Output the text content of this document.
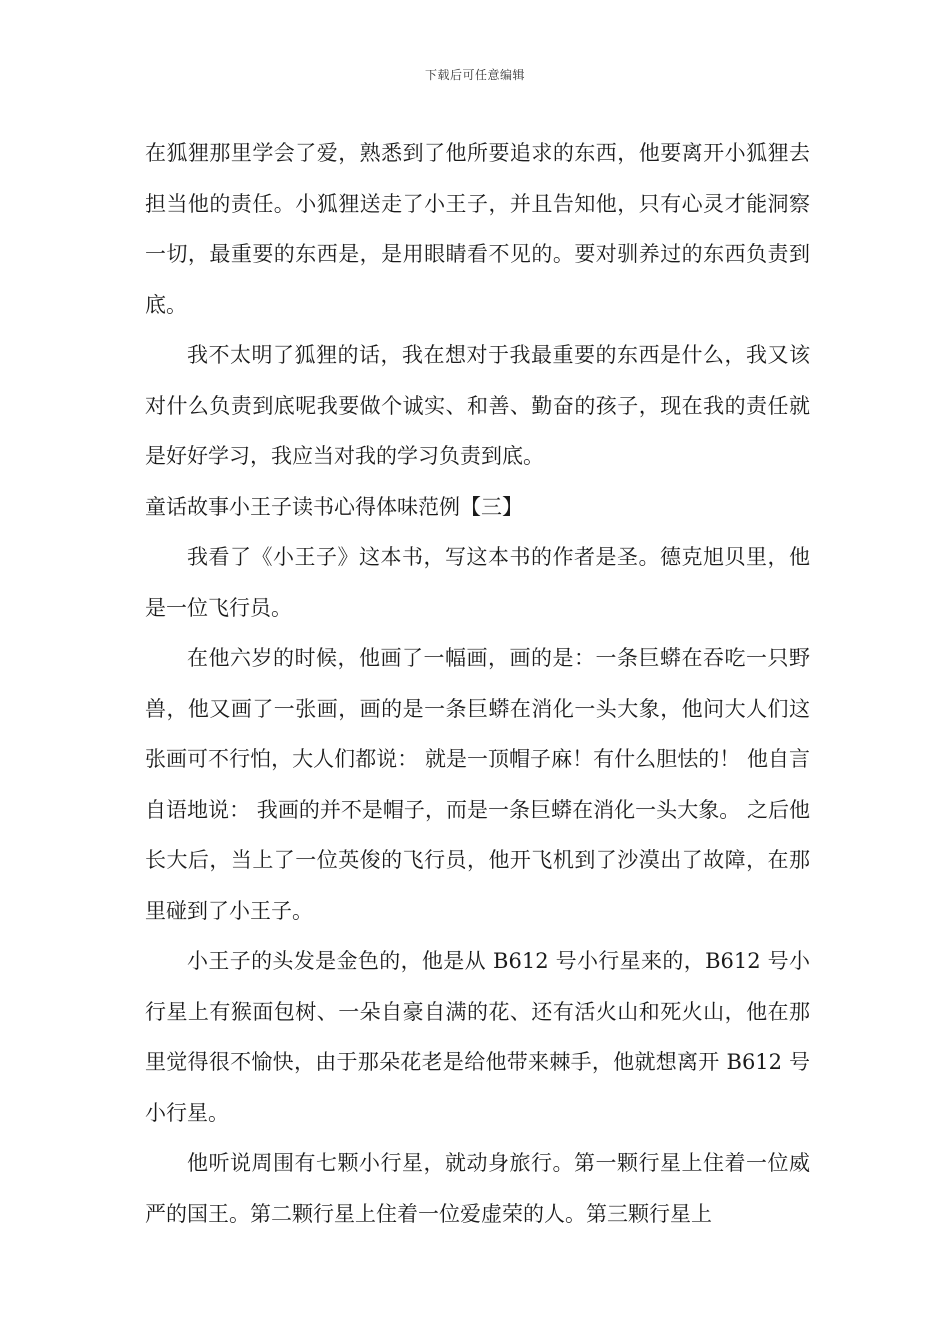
下载后可任意编辑

在狐狸那里学会了爱，熟悉到了他所要追求的东西，他要离开小狐狸去担当他的责任。小狐狸送走了小王子，并且告知他，只有心灵才能洞察一切，最重要的东西是，是用眼睛看不见的。要对驯养过的东西负责到底。

我不太明了狐狸的话，我在想对于我最重要的东西是什么，我又该对什么负责到底呢我要做个诚实、和善、勤奋的孩子，现在我的责任就是好好学习，我应当对我的学习负责到底。

童话故事小王子读书心得体味范例【三】

我看了《小王子》这本书，写这本书的作者是圣。德克旭贝里，他是一位飞行员。

在他六岁的时候，他画了一幅画，画的是：一条巨蟒在吞吃一只野兽，他又画了一张画，画的是一条巨蟒在消化一头大象，他问大人们这张画可不行怕，大人们都说： 就是一顶帽子麻！有什么胆怯的！ 他自言自语地说： 我画的并不是帽子，而是一条巨蟒在消化一头大象。 之后他长大后，当上了一位英俊的飞行员，他开飞机到了沙漠出了故障，在那里碰到了小王子。

小王子的头发是金色的，他是从 B612 号小行星来的，B612 号小行星上有猴面包树、一朵自豪自满的花、还有活火山和死火山，他在那里觉得很不愉快，由于那朵花老是给他带来棘手，他就想离开 B612 号小行星。

他听说周围有七颗小行星，就动身旅行。第一颗行星上住着一位威严的国王。第二颗行星上住着一位爱虚荣的人。第三颗行星上
